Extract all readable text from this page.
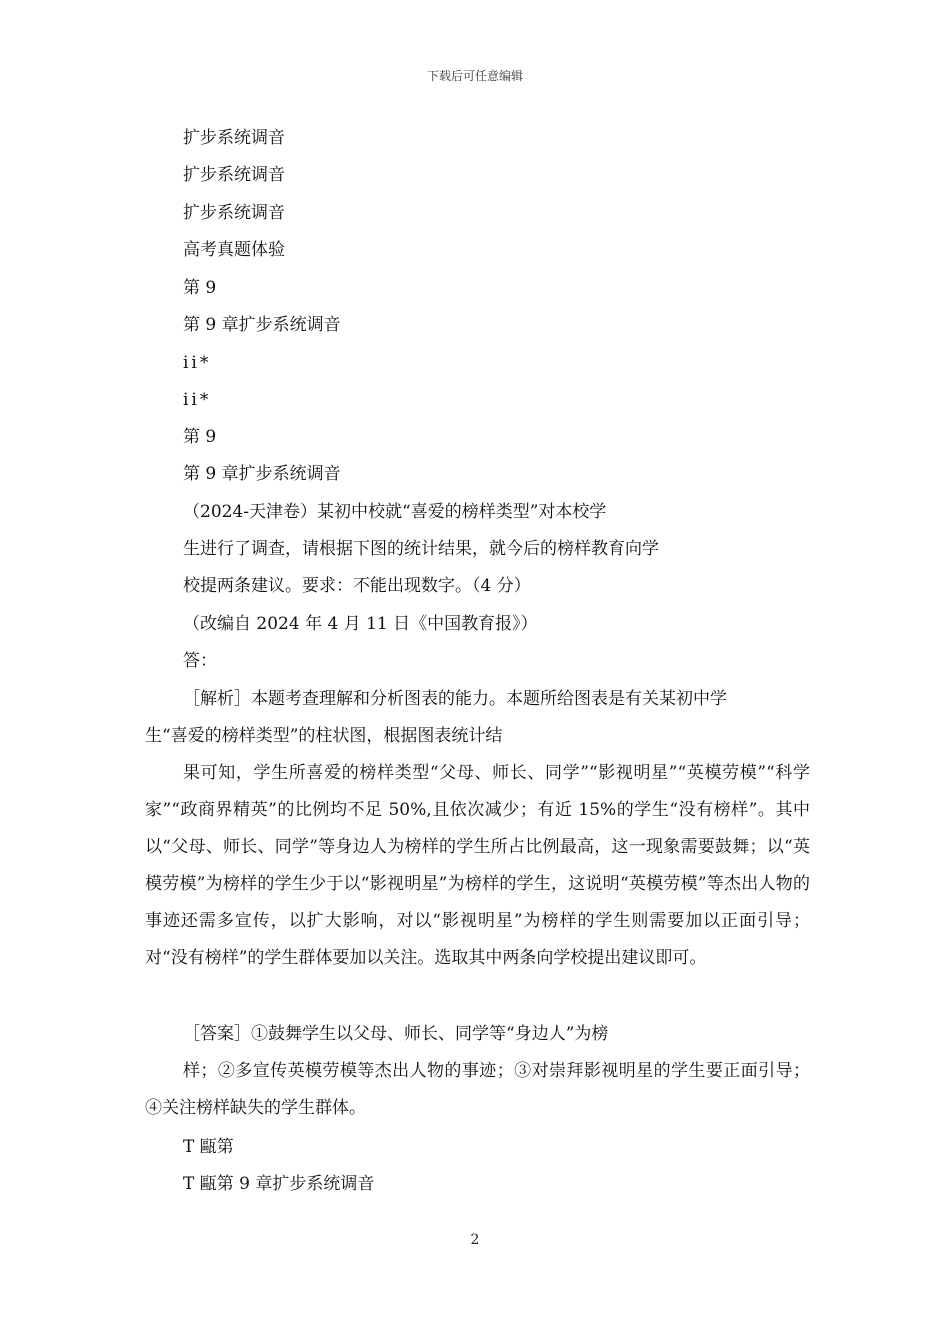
下载后可任意编辑
扩步系统调音
扩步系统调音
扩步系统调音
高考真题体验
第 9
第 9 章扩步系统调音
ii*
ii*
第 9
第 9 章扩步系统调音
（2024-天津卷）某初中校就“喜爱的榜样类型”对本校学
生进行了调查，请根据下图的统计结果，就今后的榜样教育向学
校提两条建议。要求：不能出现数字。（4 分）
（改编自 2024 年 4 月 11 日《中国教育报》）
答：
［解析］本题考查理解和分析图表的能力。本题所给图表是有关某初中学
生“喜爱的榜样类型”的柱状图，根据图表统计结
果可知，学生所喜爱的榜样类型“父母、师长、同学”“影视明星”“英模劳模”“科学家”“政商界精英”的比例均不足 50%,且依次减少；有近 15%的学生“没有榜样”。其中以“父母、师长、同学”等身边人为榜样的学生所占比例最高，这一现象需要鼓舞；以“英模劳模”为榜样的学生少于以“影视明星”为榜样的学生，这说明“英模劳模”等杰出人物的事迹还需多宣传，以扩大影响，对以“影视明星”为榜样的学生则需要加以正面引导；对“没有榜样”的学生群体要加以关注。选取其中两条向学校提出建议即可。
［答案］①鼓舞学生以父母、师长、同学等“身边人”为榜
样；②多宣传英模劳模等杰出人物的事迹；③对崇拜影视明星的学生要正面引导；④关注榜样缺失的学生群体。
T 甌第
T 甌第 9 章扩步系统调音
2
